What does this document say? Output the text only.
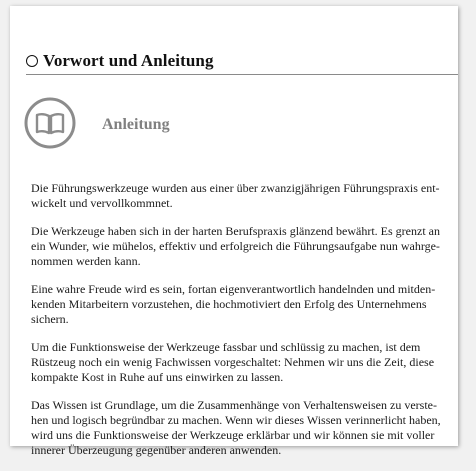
Vorwort und Anleitung
Anleitung

Die Führungswerkzeuge wurden aus einer über zwanzigjährigen Führungspraxis ent-
wickelt und vervollkommnet.

Die Werkzeuge haben sich in der harten Berufspraxis glänzend bewährt. Es grenzt an
ein Wunder, wie mühelos, effektiv und erfolgreich die Führungsaufgabe nun wahrge-
nommen werden kann.

Eine wahre Freude wird es sein, fortan eigenverantwortlich handelnden und mitden-
kenden Mitarbeitern vorzustehen, die hochmotiviert den Erfolg des Unternehmens
sichern.

Um die Funktionsweise der Werkzeuge fassbar und schlüssig zu machen, ist dem
Rüstzeug noch ein wenig Fachwissen vorgeschaltet: Nehmen wir uns die Zeit, diese
kompakte Kost in Ruhe auf uns einwirken zu lassen.

Das Wissen ist Grundlage, um die Zusammenhänge von Verhaltensweisen zu verste-
hen und logisch begründbar zu machen. Wenn wir dieses Wissen verinnerlicht haben,
wird uns die Funktionsweise der Werkzeuge erklärbar und wir können sie mit voller
innerer Überzeugung gegenüber anderen anwenden.
